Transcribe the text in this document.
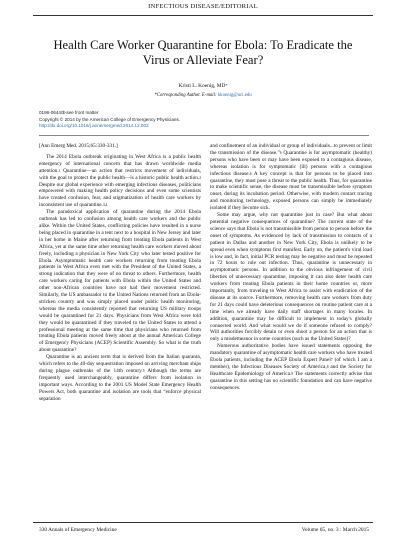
INFECTIOUS DISEASE/EDITORIAL
Health Care Worker Quarantine for Ebola: To Eradicate the Virus or Alleviate Fear?
Kristi L. Koenig, MD*
*Corresponding Author. E-mail: kkoenig@uci.edu
0196-0644/$-see front matter
Copyright © 2014 by the American College of Emergency Physicians.
http://dx.doi.org/10.1016/j.annemergmed.2014.12.003

[Ann Emerg Med. 2015;65:330-331.]

The 2014 Ebola outbreak originating in West Africa is a public health emergency of international concern that has drawn worldwide media attention.$^1$ Quarantine—an action that restricts movement of individuals, with the goal to protect the public health—is a historic public health action.$^2$ Despite our global experience with emerging infectious diseases, politicians empowered with making health policy decisions and even some scientists have created confusion, fear, and stigmatization of health care workers by inconsistent use of quarantine.$^{3,4}$

The paradoxical application of quarantine during the 2014 Ebola outbreak has led to confusion among health care workers and the public alike. Within the United States, conflicting policies have resulted in a nurse being placed in quarantine in a tent next to a hospital in New Jersey and later in her home in Maine after returning from treating Ebola patients in West Africa, yet at the same time other returning health care workers moved about freely, including a physician in New York City who later tested positive for Ebola. Asymptomatic health care workers returning from treating Ebola patients in West Africa even met with the President of the United States, a strong indication that they were of no threat to others. Furthermore, health care workers caring for patients with Ebola within the United States and other non-African countries have not had their movement restricted. Similarly, the US ambassador to the United Nations returned from an Ebola-stricken country and was simply placed under public health monitoring, whereas the media consistently reported that returning US military troops would be quarantined for 21 days. Physicians from West Africa were told they would be quarantined if they traveled to the United States to attend a professional meeting at the same time that physicians who returned from treating Ebola patients moved freely about at the annual American College of Emergency Physicians (ACEP) Scientific Assembly. So what is the truth about quarantine?

Quarantine is an ancient term that is derived from the Italian quaranta, which refers to the 40-day sequestration imposed on arriving merchant ships during plague outbreaks of the 14th century.$^5$ Although the terms are frequently used interchangeably, quarantine differs from isolation in important ways. According to the 2001 US Model State Emergency Health Powers Act, both quarantine and isolation are tools that “enforce physical separation

and confinement of an individual or group of individuals...to prevent or limit the transmission of the disease.”$^6$ Quarantine is for asymptomatic (healthy) persons who have been or may have been exposed to a contagious disease, whereas isolation is for symptomatic (ill) persons with a contagious infectious disease.$^6$ A key concept is that for persons to be placed into quarantine, they must pose a threat to the public health. Thus, for quarantine to make scientific sense, the disease must be transmissible before symptom onset, during its incubation period. Otherwise, with modern contact tracing and monitoring technology, exposed persons can simply be immediately isolated if they become sick.

Some may argue, why not quarantine just in case? But what about potential negative consequences of quarantine? The current state of the science says that Ebola is not transmissible from person to person before the onset of symptoms. As evidenced by lack of transmission to contacts of a patient in Dallas and another in New York City, Ebola is unlikely to be spread even when symptoms first manifest. Early on, the patient's viral load is low and, in fact, initial PCR testing may be negative and must be repeated in 72 hours to rule out infection. Thus, quarantine is unnecessary in asymptomatic persons. In addition to the obvious infringement of civil liberties of unnecessary quarantine, imposing it can also deter health care workers from treating Ebola patients in their home countries or, more importantly, from traveling to West Africa to assist with eradication of the disease at its source. Furthermore, removing health care workers from duty for 21 days could have deleterious consequences on routine patient care at a time when we already have daily staff shortages in many locales. In addition, quarantine may be difficult to implement in today's globally connected world. And what would we do if someone refused to comply? Will authorities forcibly detain or even shoot a person for an action that is only a misdemeanor in some countries (such as the United States)?

Numerous authoritative bodies have issued statements opposing the mandatory quarantine of asymptomatic health care workers who have treated Ebola patients, including the ACEP Ebola Expert Panel$^7$ (of which I am a member), the Infectious Diseases Society of America,$^8$ and the Society for Healthcare Epidemiology of America.$^9$ The statements correctly advise that quarantine in this setting has no scientific foundation and can have negative consequences.

330 Annals of Emergency Medicine	Volume 65, no. 3 : March 2015
